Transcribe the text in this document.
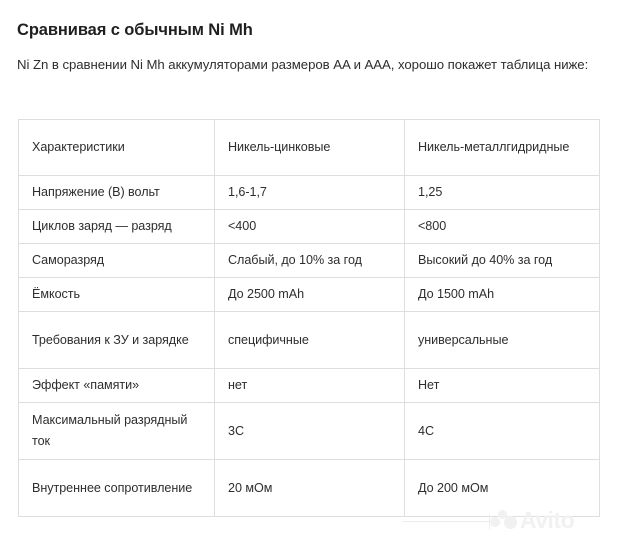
Сравнивая с обычным Ni Mh

Ni Zn в сравнении Ni Mh аккумуляторами размеров AA и AAA, хорошо покажет таблица ниже:

Характеристики	Никель-цинковые	Никель-металлгидридные
Напряжение (В) вольт	1,6-1,7	1,25
Циклов заряд — разряд	<400	<800
Саморазряд	Слабый, до 10% за год	Высокий до 40% за год
Ёмкость	До 2500 mAh	До 1500 mAh
Требования к ЗУ и зарядке	специфичные	универсальные
Эффект «памяти»	нет	Нет
Максимальный разрядный ток	3C	4C
Внутреннее сопротивление	20 мОм	До 200 мОм
Avito
